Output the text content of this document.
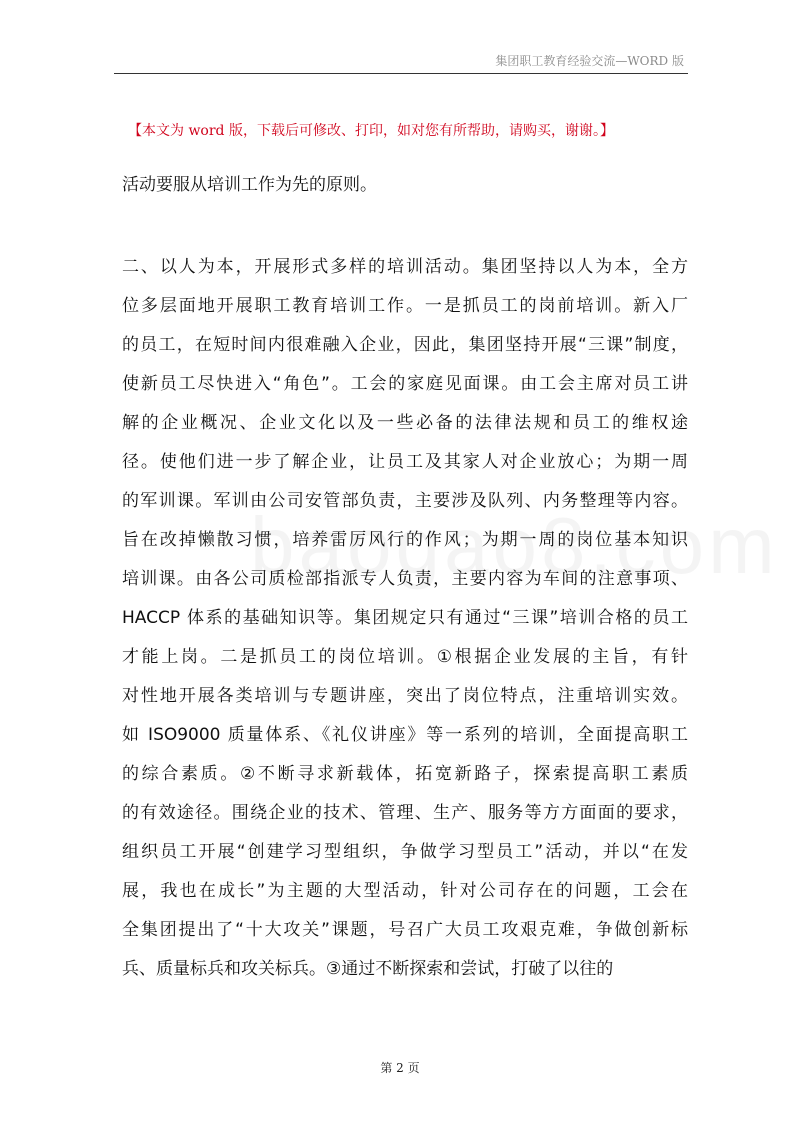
集团职工教育经验交流—WORD 版
【本文为 word 版，下载后可修改、打印，如对您有所帮助，请购买，谢谢。】
活动要服从培训工作为先的原则。
二、以人为本，开展形式多样的培训活动。集团坚持以人为本，全方
位多层面地开展职工教育培训工作。一是抓员工的岗前培训。新入厂
的员工，在短时间内很难融入企业，因此，集团坚持开展“三课”制度，
使新员工尽快进入“角色”。工会的家庭见面课。由工会主席对员工讲
解的企业概况、企业文化以及一些必备的法律法规和员工的维权途
径。使他们进一步了解企业，让员工及其家人对企业放心；为期一周
的军训课。军训由公司安管部负责，主要涉及队列、内务整理等内容。
旨在改掉懒散习惯，培养雷厉风行的作风；为期一周的岗位基本知识
培训课。由各公司质检部指派专人负责，主要内容为车间的注意事项、
HACCP 体系的基础知识等。集团规定只有通过“三课”培训合格的员工
才能上岗。二是抓员工的岗位培训。①根据企业发展的主旨，有针
对性地开展各类培训与专题讲座，突出了岗位特点，注重培训实效。
如 ISO9000 质量体系、《礼仪讲座》等一系列的培训，全面提高职工
的综合素质。②不断寻求新载体，拓宽新路子，探索提高职工素质
的有效途径。围绕企业的技术、管理、生产、服务等方方面面的要求，
组织员工开展“创建学习型组织，争做学习型员工”活动，并以“在发
展，我也在成长”为主题的大型活动，针对公司存在的问题，工会在
全集团提出了“十大攻关”课题，号召广大员工攻艰克难，争做创新标
兵、质量标兵和攻关标兵。③通过不断探索和尝试，打破了以往的
第 2 页
